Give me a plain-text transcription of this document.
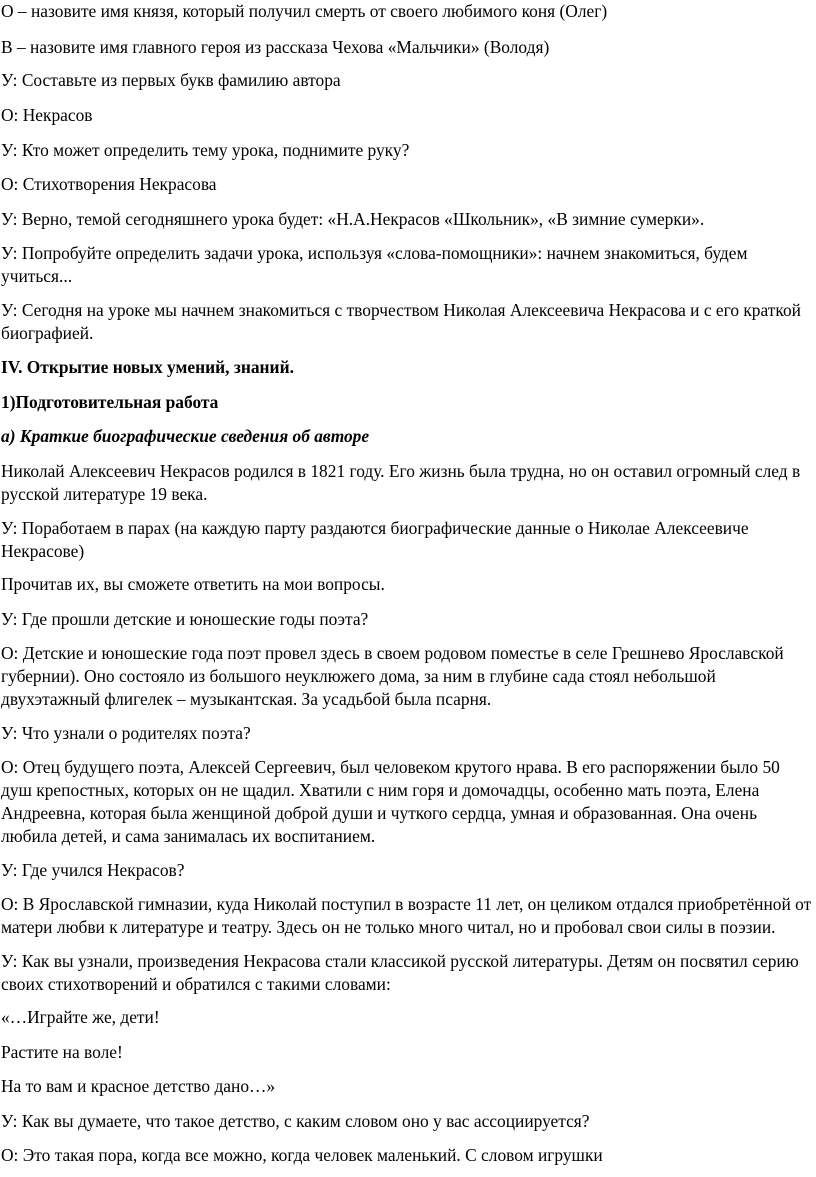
О – назовите имя князя, который получил смерть от своего любимого коня (Олег)

В – назовите имя главного героя из рассказа Чехова «Мальчики» (Володя)

У: Составьте из первых букв фамилию автора

О: Некрасов

У: Кто может определить тему урока, поднимите руку?

О: Стихотворения Некрасова

У: Верно, темой сегодняшнего урока будет: «Н.А.Некрасов «Школьник», «В зимние сумерки».

У: Попробуйте определить задачи урока, используя «слова-помощники»: начнем знакомиться, будем учиться...

У: Сегодня на уроке мы начнем знакомиться с творчеством Николая Алексеевича Некрасова и с его краткой биографией.

IV. Открытие новых умений, знаний.

1)Подготовительная работа

а) Краткие биографические сведения об авторе

Николай Алексеевич Некрасов родился в 1821 году. Его жизнь была трудна, но он оставил огромный след в русской литературе 19 века.

У: Поработаем в парах (на каждую парту раздаются биографические данные о Николае Алексеевиче Некрасове)

Прочитав их, вы сможете ответить на мои вопросы.

У: Где прошли детские и юношеские годы поэта?

О: Детские и юношеские года поэт провел здесь в своем родовом поместье в селе Грешнево Ярославской губернии). Оно состояло из большого неуклюжего дома, за ним в глубине сада стоял небольшой двухэтажный флигелек – музыкантская. За усадьбой была псарня.

У: Что узнали о родителях поэта?

О: Отец будущего поэта, Алексей Сергеевич, был человеком крутого нрава. В его распоряжении было 50 душ крепостных, которых он не щадил. Хватили с ним горя и домочадцы, особенно мать поэта, Елена Андреевна, которая была женщиной доброй души и чуткого сердца, умная и образованная. Она очень любила детей, и сама занималась их воспитанием.

У: Где учился Некрасов?

О: В Ярославской гимназии, куда Николай поступил в возрасте 11 лет, он целиком отдался приобретённой от матери любви к литературе и театру. Здесь он не только много читал, но и пробовал свои силы в поэзии.

У: Как вы узнали, произведения Некрасова стали классикой русской литературы. Детям он посвятил серию своих стихотворений и обратился с такими словами:

«…Играйте же, дети!

Растите на воле!

На то вам и красное детство дано…»

У: Как вы думаете, что такое детство, с каким словом оно у вас ассоциируется?

О: Это такая пора, когда все можно, когда человек маленький. С словом игрушки
